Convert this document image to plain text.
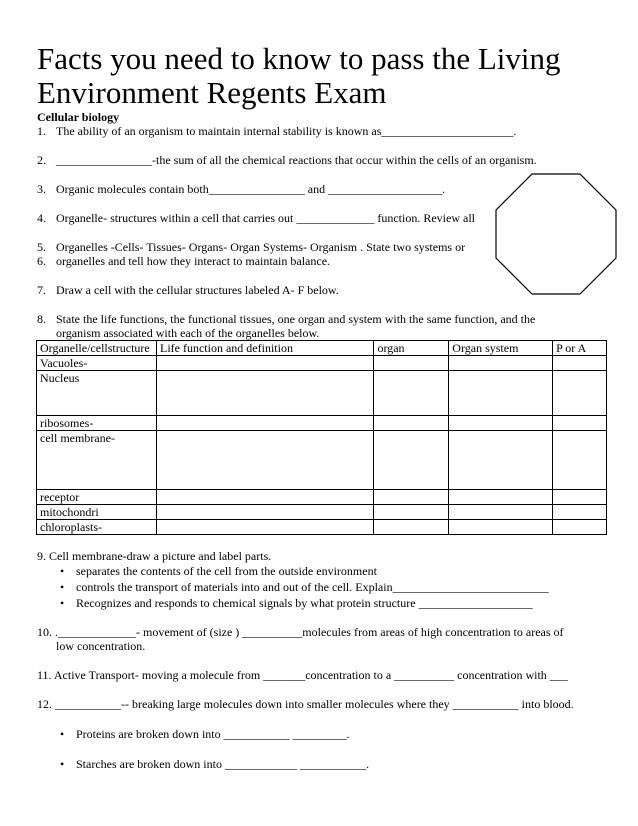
Facts you need to know to pass the Living Environment Regents Exam
Cellular biology
1. The ability of an organism to maintain internal stability is known as______________________.
2. ________________-the sum of all the chemical reactions that occur within the cells of an organism.
3. Organic molecules contain both________________ and ___________________.
4. Organelle- structures within a cell that carries out _____________ function. Review all
5. Organelles -Cells- Tissues- Organs- Organ Systems- Organism . State two systems or
6. organelles and tell how they interact to maintain balance.
7. Draw a cell with the cellular structures labeled A- F below.
8. State the life functions, the functional tissues, one organ and system with the same function, and the
organism associated with each of the organelles below.
Organelle/cellstructure	Life function and definition	organ	Organ system	P or A
Vacuoles-				
Nucleus				
ribosomes-				
cell membrane-				
receptor				
mitochondri				
chloroplasts-				
9. Cell membrane-draw a picture and label parts.
• separates the contents of the cell from the outside environment
• controls the transport of materials into and out of the cell. Explain__________________________
• Recognizes and responds to chemical signals by what protein structure ___________________
10. ._____________- movement of (size ) __________molecules from areas of high concentration to areas of
low concentration.
11. Active Transport- moving a molecule from _______concentration to a __________ concentration with ___
12. ___________-- breaking large molecules down into smaller molecules where they ___________ into blood.
• Proteins are broken down into ___________ _________.
• Starches are broken down into ____________ ___________.
